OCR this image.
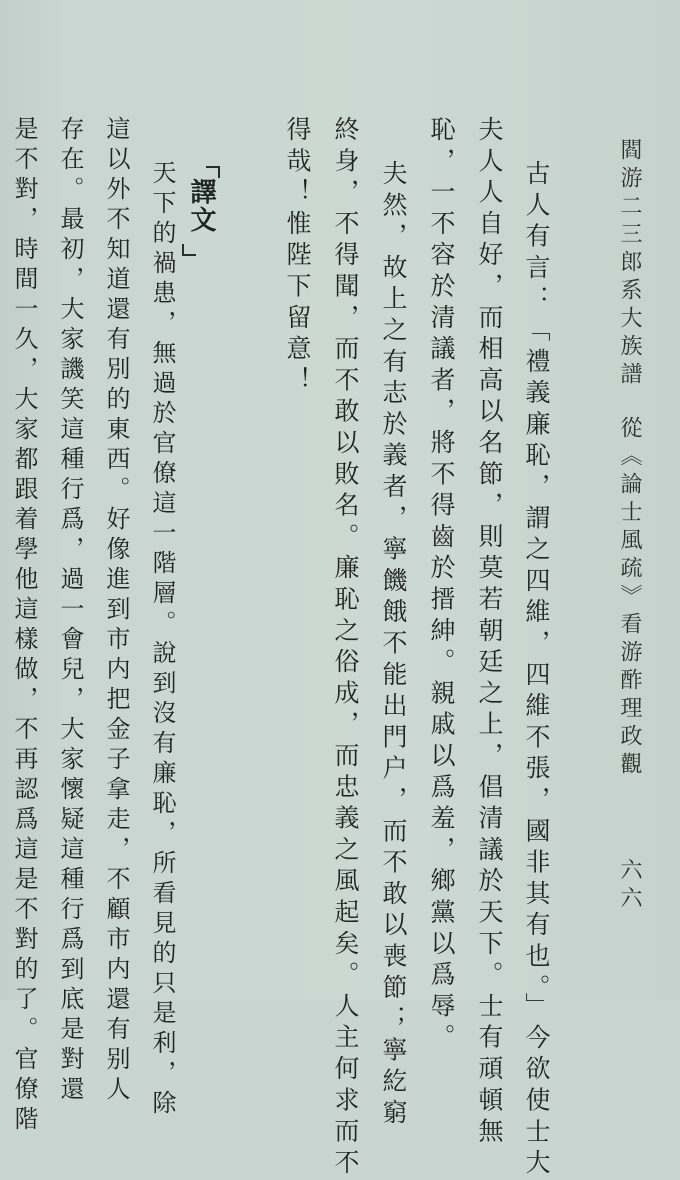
閻游二三郎系大族譜
從《論士風疏》看游酢理政觀
六六
古人有言：「禮義廉恥，謂之四維，四維不張，國非其有也。」今欲使士大
夫人人自好，而相高以名節，則莫若朝廷之上，倡清議於天下。士有頑頓無
恥，一不容於清議者，將不得齒於搢紳。親戚以爲羞，鄉黨以爲辱。
夫然，故上之有志於義者，寧饑餓不能出門户，而不敢以喪節；寧紇窮
終身，不得聞，而不敢以敗名。廉恥之俗成，而忠義之風起矣。人主何求而不
得哉！惟陛下留意！
譯文
天下的禍患，無過於官僚這一階層。說到沒有廉恥，所看見的只是利，除
這以外不知道還有別的東西。好像進到市内把金子拿走，不顧市内還有别人
存在。最初，大家譏笑這種行爲，過一會兒，大家懷疑這種行爲到底是對還
是不對，時間一久，大家都跟着學他這樣做，不再認爲這是不對的了。官僚階
